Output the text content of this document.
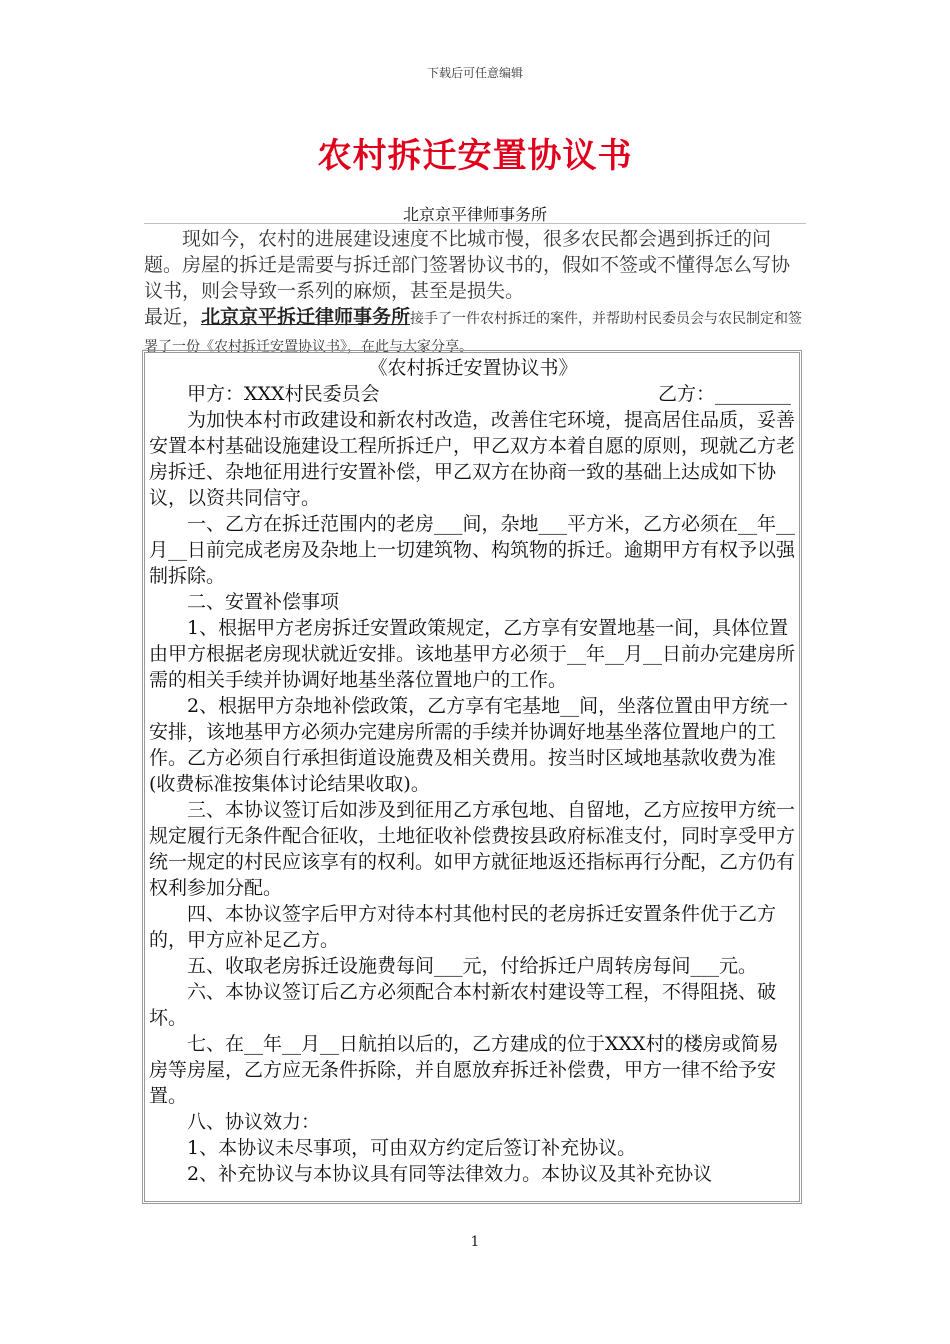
下载后可任意编辑
农村拆迁安置协议书
北京京平律师事务所

现如今，农村的进展建设速度不比城市慢，很多农民都会遇到拆迁的问题。房屋的拆迁是需要与拆迁部门签署协议书的，假如不签或不懂得怎么写协议书，则会导致一系列的麻烦，甚至是损失。

最近，北京京平拆迁律师事务所接手了一件农村拆迁的案件，并帮助村民委员会与农民制定和签署了一份《农村拆迁安置协议书》，在此与大家分享。

《农村拆迁安置协议书》

甲方：XXX村民委员会	乙方：________

为加快本村市政建设和新农村改造，改善住宅环境，提高居住品质，妥善安置本村基础设施建设工程所拆迁户，甲乙双方本着自愿的原则，现就乙方老房拆迁、杂地征用进行安置补偿，甲乙双方在协商一致的基础上达成如下协议，以资共同信守。

一、乙方在拆迁范围内的老房___间，杂地___平方米，乙方必须在__年__月__日前完成老房及杂地上一切建筑物、构筑物的拆迁。逾期甲方有权予以强制拆除。

二、安置补偿事项

1、根据甲方老房拆迁安置政策规定，乙方享有安置地基一间，具体位置由甲方根据老房现状就近安排。该地基甲方必须于__年__月__日前办完建房所需的相关手续并协调好地基坐落位置地户的工作。

2、根据甲方杂地补偿政策，乙方享有宅基地__间，坐落位置由甲方统一安排，该地基甲方必须办完建房所需的手续并协调好地基坐落位置地户的工作。乙方必须自行承担街道设施费及相关费用。按当时区域地基款收费为准(收费标准按集体讨论结果收取)。

三、本协议签订后如涉及到征用乙方承包地、自留地，乙方应按甲方统一规定履行无条件配合征收，土地征收补偿费按县政府标准支付，同时享受甲方统一规定的村民应该享有的权利。如甲方就征地返还指标再行分配，乙方仍有权利参加分配。

四、本协议签字后甲方对待本村其他村民的老房拆迁安置条件优于乙方的，甲方应补足乙方。

五、收取老房拆迁设施费每间___元，付给拆迁户周转房每间___元。

六、本协议签订后乙方必须配合本村新农村建设等工程，不得阻挠、破坏。

七、在__年__月__日航拍以后的，乙方建成的位于XXX村的楼房或简易房等房屋，乙方应无条件拆除，并自愿放弃拆迁补偿费，甲方一律不给予安置。

八、协议效力：

1、本协议未尽事项，可由双方约定后签订补充协议。

2、补充协议与本协议具有同等法律效力。本协议及其补充协议

1
